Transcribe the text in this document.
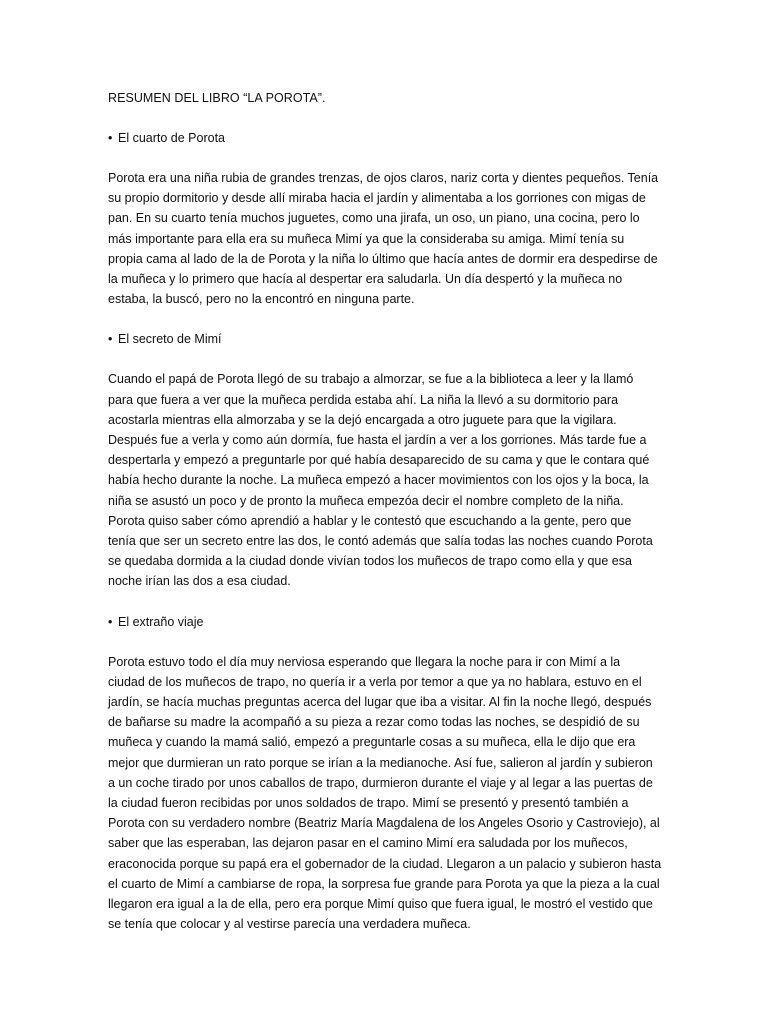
RESUMEN DEL LIBRO “LA POROTA”.
• El cuarto de Porota
Porota era una niña rubia de grandes trenzas, de ojos claros, nariz corta y dientes pequeños. Tenía
su propio dormitorio y desde allí miraba hacia el jardín y alimentaba a los gorriones con migas de
pan. En su cuarto tenía muchos juguetes, como una jirafa, un oso, un piano, una cocina, pero lo
más importante para ella era su muñeca Mimí ya que la consideraba su amiga. Mimí tenía su
propia cama al lado de la de Porota y la niña lo último que hacía antes de dormir era despedirse de
la muñeca y lo primero que hacía al despertar era saludarla. Un día despertó y la muñeca no
estaba, la buscó, pero no la encontró en ninguna parte.
• El secreto de Mimí
Cuando el papá de Porota llegó de su trabajo a almorzar, se fue a la biblioteca a leer y la llamó
para que fuera a ver que la muñeca perdida estaba ahí. La niña la llevó a su dormitorio para
acostarla mientras ella almorzaba y se la dejó encargada a otro juguete para que la vigilara.
Después fue a verla y como aún dormía, fue hasta el jardín a ver a los gorriones. Más tarde fue a
despertarla y empezó a preguntarle por qué había desaparecido de su cama y que le contara qué
había hecho durante la noche. La muñeca empezó a hacer movimientos con los ojos y la boca, la
niña se asustó un poco y de pronto la muñeca empezóa decir el nombre completo de la niña.
Porota quiso saber cómo aprendió a hablar y le contestó que escuchando a la gente, pero que
tenía que ser un secreto entre las dos, le contó además que salía todas las noches cuando Porota
se quedaba dormida a la ciudad donde vivían todos los muñecos de trapo como ella y que esa
noche irían las dos a esa ciudad.
• El extraño viaje
Porota estuvo todo el día muy nerviosa esperando que llegara la noche para ir con Mimí a la
ciudad de los muñecos de trapo, no quería ir a verla por temor a que ya no hablara, estuvo en el
jardín, se hacía muchas preguntas acerca del lugar que iba a visitar. Al fin la noche llegó, después
de bañarse su madre la acompañó a su pieza a rezar como todas las noches, se despidió de su
muñeca y cuando la mamá salió, empezó a preguntarle cosas a su muñeca, ella le dijo que era
mejor que durmieran un rato porque se irían a la medianoche. Así fue, salieron al jardín y subieron
a un coche tirado por unos caballos de trapo, durmieron durante el viaje y al legar a las puertas de
la ciudad fueron recibidas por unos soldados de trapo. Mimí se presentó y presentó también a
Porota con su verdadero nombre (Beatriz María Magdalena de los Angeles Osorio y Castroviejo), al
saber que las esperaban, las dejaron pasar en el camino Mimí era saludada por los muñecos,
eraconocida porque su papá era el gobernador de la ciudad. Llegaron a un palacio y subieron hasta
el cuarto de Mimí a cambiarse de ropa, la sorpresa fue grande para Porota ya que la pieza a la cual
llegaron era igual a la de ella, pero era porque Mimí quiso que fuera igual, le mostró el vestido que
se tenía que colocar y al vestirse parecía una verdadera muñeca.
